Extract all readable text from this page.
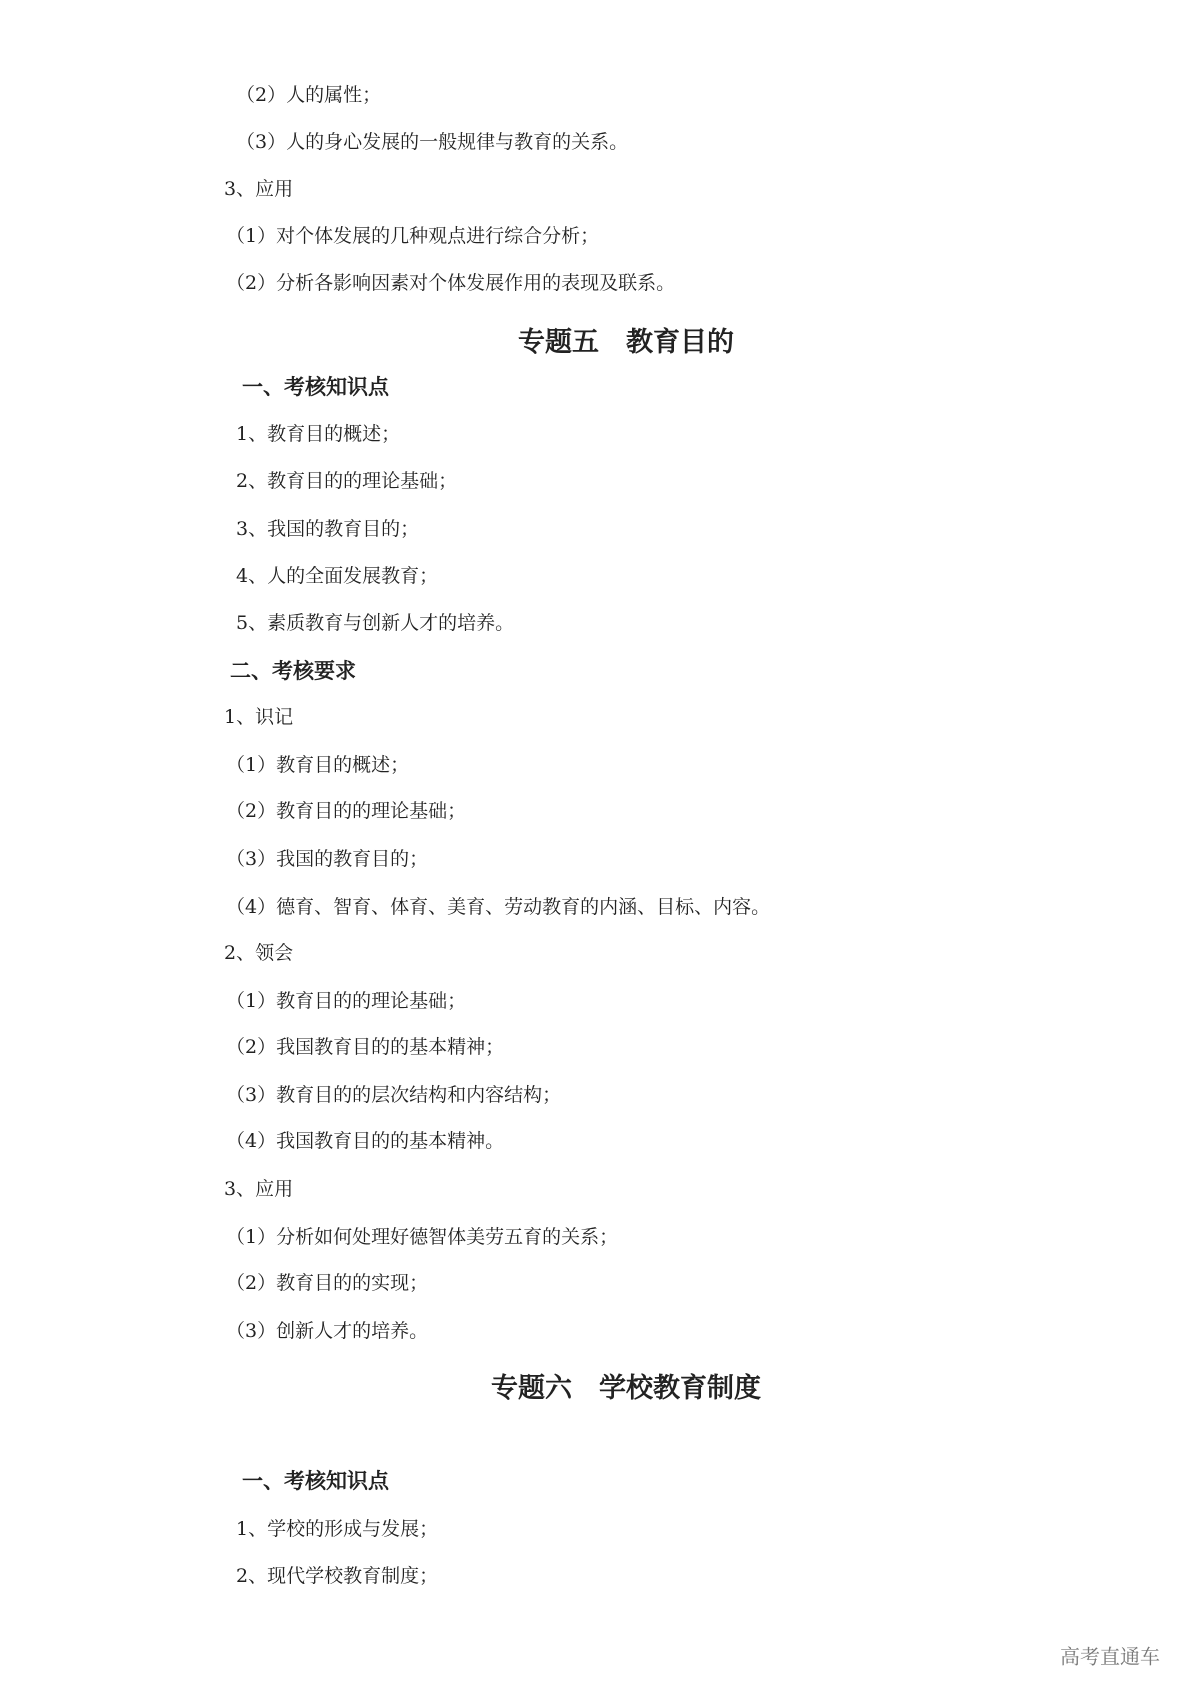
（2）人的属性；
（3）人的身心发展的一般规律与教育的关系。
3、应用
（1）对个体发展的几种观点进行综合分析；
（2）分析各影响因素对个体发展作用的表现及联系。
专题五　教育目的
一、考核知识点
1、教育目的概述；
2、教育目的的理论基础；
3、我国的教育目的；
4、人的全面发展教育；
5、素质教育与创新人才的培养。
二、考核要求
1、识记
（1）教育目的概述；
（2）教育目的的理论基础；
（3）我国的教育目的；
（4）德育、智育、体育、美育、劳动教育的内涵、目标、内容。
2、领会
（1）教育目的的理论基础；
（2）我国教育目的的基本精神；
（3）教育目的的层次结构和内容结构；
（4）我国教育目的的基本精神。
3、应用
（1）分析如何处理好德智体美劳五育的关系；
（2）教育目的的实现；
（3）创新人才的培养。
专题六　学校教育制度
一、考核知识点
1、学校的形成与发展；
2、现代学校教育制度；
高考直通车
